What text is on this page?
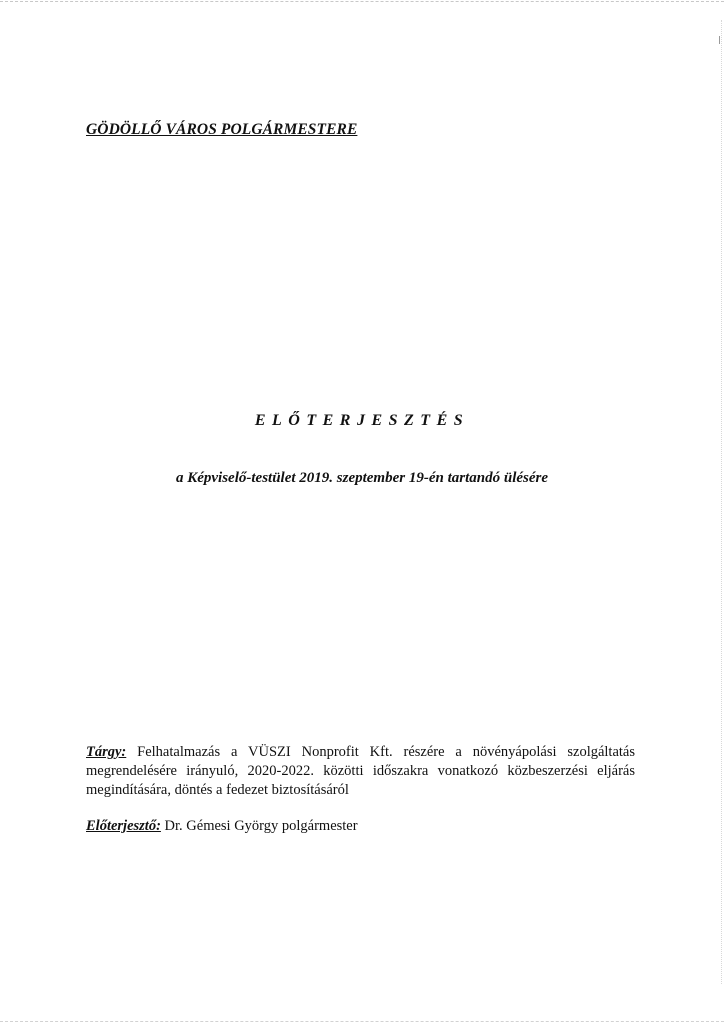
GÖDÖLLŐ VÁROS POLGÁRMESTERE
ELŐTERJESZTÉS
a Képviselő-testület 2019. szeptember 19-én tartandó ülésére
Tárgy: Felhatalmazás a VÜSZI Nonprofit Kft. részére a növényápolási szolgáltatás megrendelésére irányuló, 2020-2022. közötti időszakra vonatkozó közbeszerzési eljárás megindítására, döntés a fedezet biztosításáról
Előterjesztő: Dr. Gémesi György polgármester
